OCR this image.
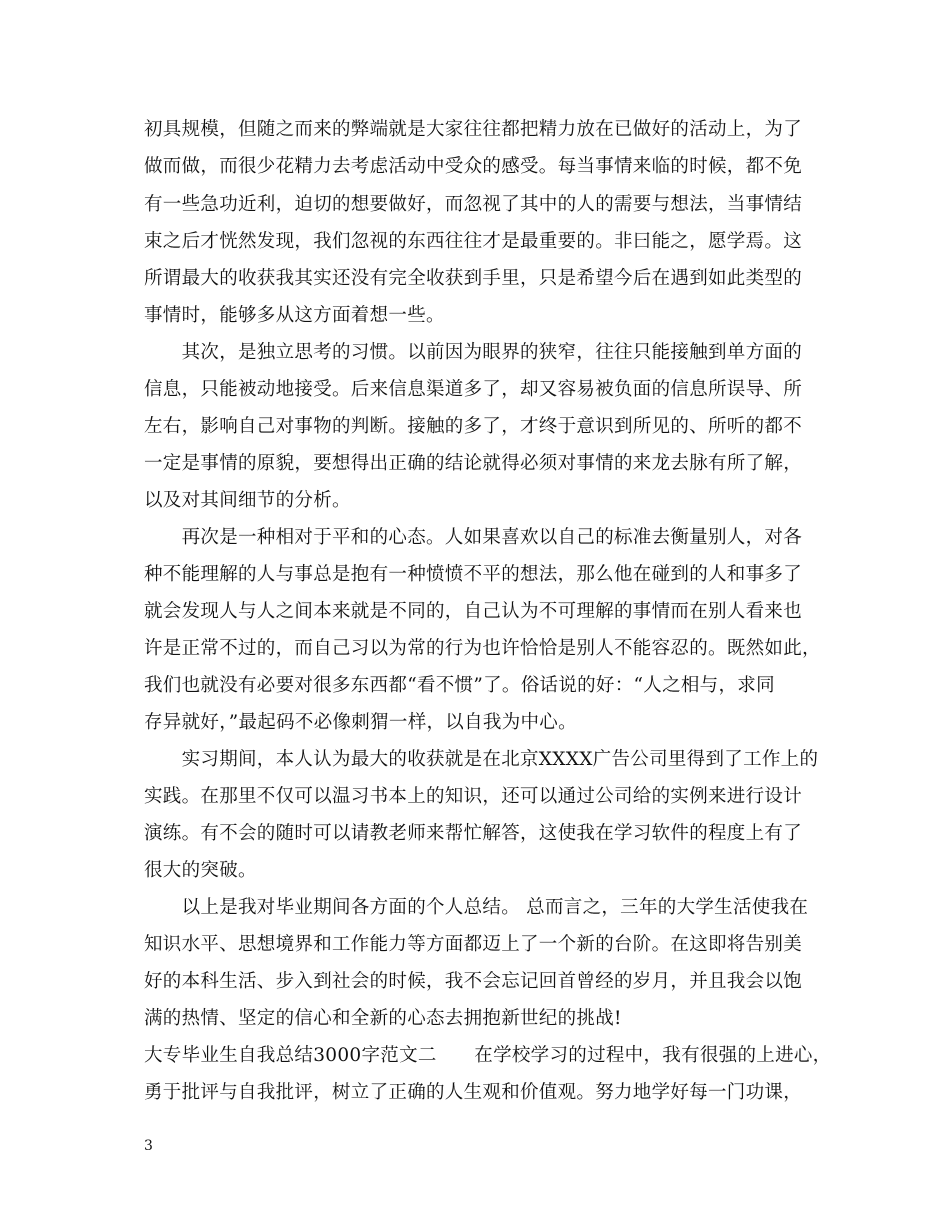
初具规模，但随之而来的弊端就是大家往往都把精力放在已做好的活动上，为了
做而做，而很少花精力去考虑活动中受众的感受。每当事情来临的时候，都不免
有一些急功近利，迫切的想要做好，而忽视了其中的人的需要与想法，当事情结
束之后才恍然发现，我们忽视的东西往往才是最重要的。非曰能之，愿学焉。这
所谓最大的收获我其实还没有完全收获到手里，只是希望今后在遇到如此类型的
事情时，能够多从这方面着想一些。
　　其次，是独立思考的习惯。以前因为眼界的狭窄，往往只能接触到单方面的
信息，只能被动地接受。后来信息渠道多了，却又容易被负面的信息所误导、所
左右，影响自己对事物的判断。接触的多了，才终于意识到所见的、所听的都不
一定是事情的原貌，要想得出正确的结论就得必须对事情的来龙去脉有所了解，
以及对其间细节的分析。
　　再次是一种相对于平和的心态。人如果喜欢以自己的标准去衡量别人，对各
种不能理解的人与事总是抱有一种愤愤不平的想法，那么他在碰到的人和事多了
就会发现人与人之间本来就是不同的，自己认为不可理解的事情而在别人看来也
许是正常不过的，而自己习以为常的行为也许恰恰是别人不能容忍的。既然如此，
我们也就没有必要对很多东西都“看不惯”了。俗话说的好：“人之相与，求同
存异就好，”最起码不必像刺猬一样，以自我为中心。
　　实习期间，本人认为最大的收获就是在北京XXXX广告公司里得到了工作上的
实践。在那里不仅可以温习书本上的知识，还可以通过公司给的实例来进行设计
演练。有不会的随时可以请教老师来帮忙解答，这使我在学习软件的程度上有了
很大的突破。
　　以上是我对毕业期间各方面的个人总结。 总而言之，三年的大学生活使我在
知识水平、思想境界和工作能力等方面都迈上了一个新的台阶。在这即将告别美
好的本科生活、步入到社会的时候，我不会忘记回首曾经的岁月，并且我会以饱
满的热情、坚定的信心和全新的心态去拥抱新世纪的挑战!
大专毕业生自我总结3000字范文二　　在学校学习的过程中，我有很强的上进心，
勇于批评与自我批评，树立了正确的人生观和价值观。努力地学好每一门功课，
3
